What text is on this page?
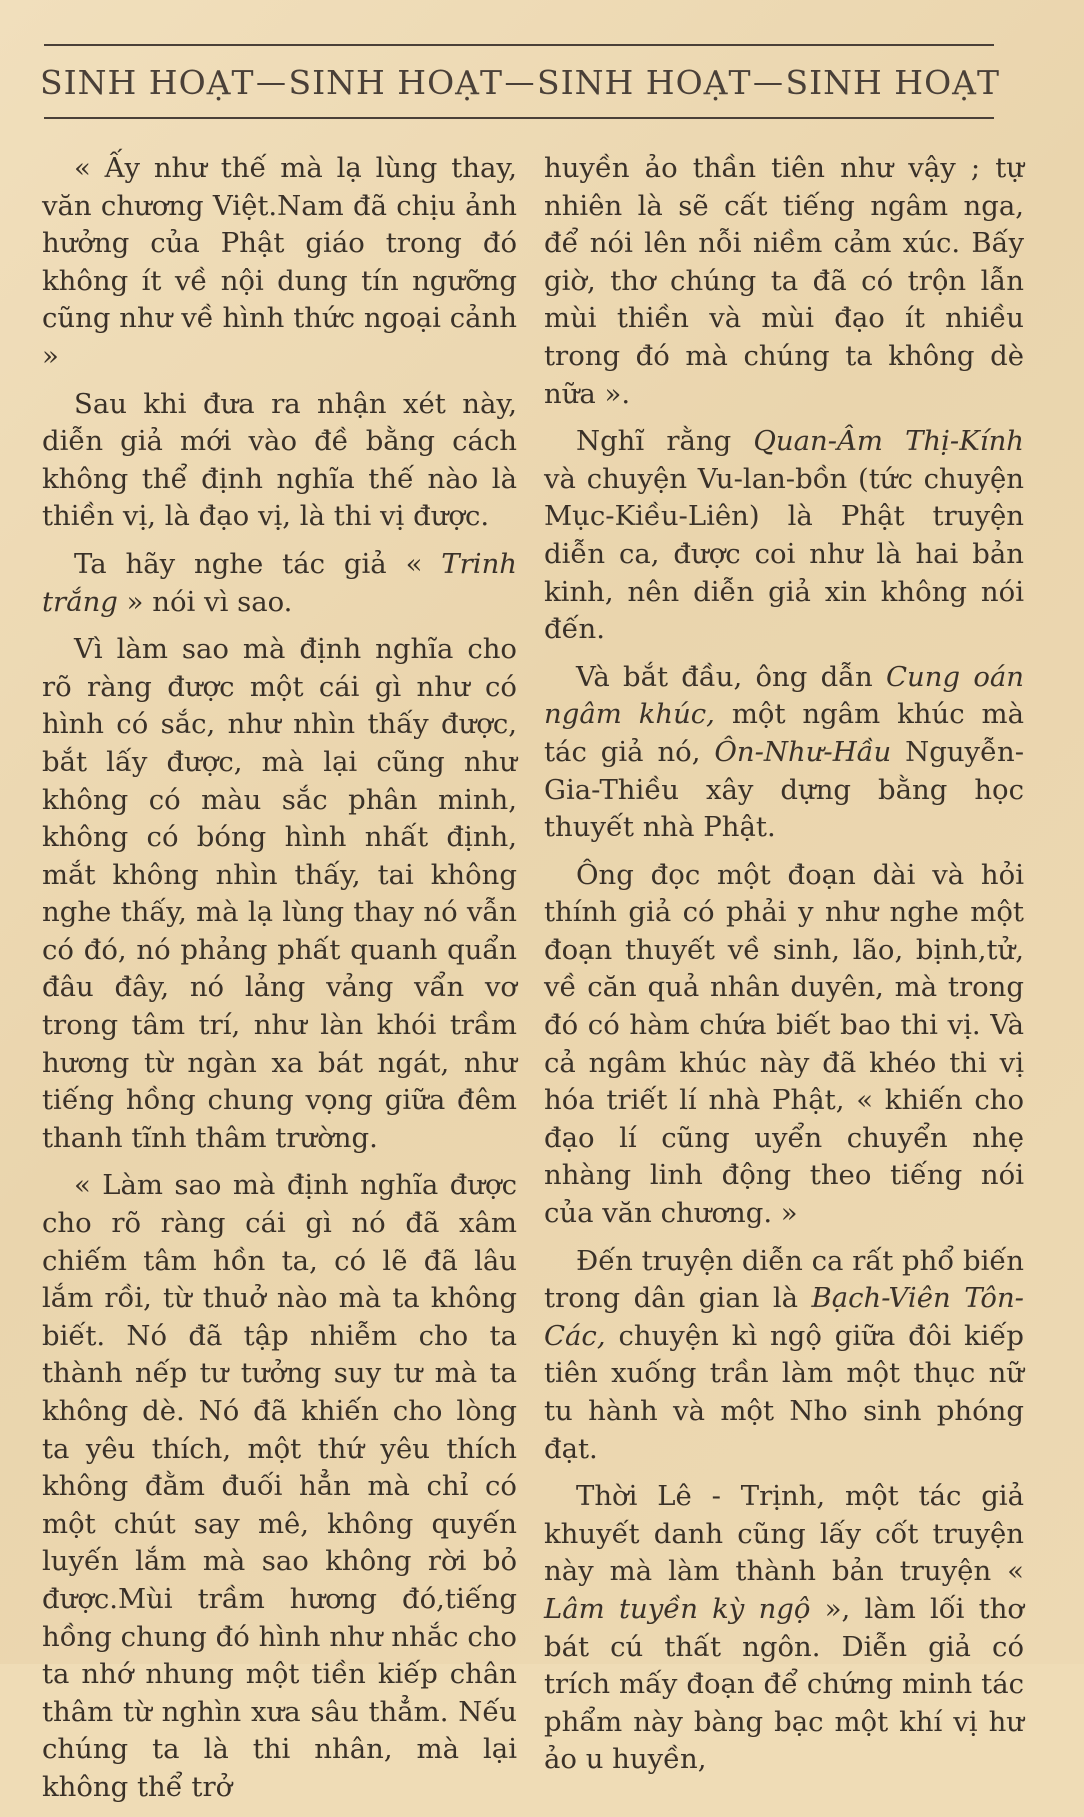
SINH HOẠT — SINH HOẠT — SINH HOẠT — SINH HOẠT

« Ấy như thế mà lạ lùng thay, văn chương Việt.Nam đã chịu ảnh hưởng của Phật giáo trong đó không ít về nội dung tín ngưỡng cũng như về hình thức ngoại cảnh »

Sau khi đưa ra nhận xét này, diễn giả mới vào đề bằng cách không thể định nghĩa thế nào là thiền vị, là đạo vị, là thi vị được.

Ta hãy nghe tác giả « Trinh trắng » nói vì sao.

Vì làm sao mà định nghĩa cho rõ ràng được một cái gì như có hình có sắc, như nhìn thấy được, bắt lấy được, mà lại cũng như không có màu sắc phân minh, không có bóng hình nhất định, mắt không nhìn thấy, tai không nghe thấy, mà lạ lùng thay nó vẫn có đó, nó phảng phất quanh quẩn đâu đây, nó lảng vảng vẩn vơ trong tâm trí, như làn khói trầm hương từ ngàn xa bát ngát, như tiếng hồng chung vọng giữa đêm thanh tĩnh thâm trường.

« Làm sao mà định nghĩa được cho rõ ràng cái gì nó đã xâm chiếm tâm hồn ta, có lẽ đã lâu lắm rồi, từ thuở nào mà ta không biết. Nó đã tập nhiễm cho ta thành nếp tư tưởng suy tư mà ta không dè. Nó đã khiến cho lòng ta yêu thích, một thứ yêu thích không đằm đuối hẳn mà chỉ có một chút say mê, không quyến luyến lắm mà sao không rời bỏ được.Mùi trầm hương đó,tiếng hồng chung đó hình như nhắc cho ta nhớ nhung một tiền kiếp chân thâm từ nghìn xưa sâu thẳm. Nếu chúng ta là thi nhân, mà lại không thể trở

huyền ảo thần tiên như vậy ; tự nhiên là sẽ cất tiếng ngâm nga, để nói lên nỗi niềm cảm xúc. Bấy giờ, thơ chúng ta đã có trộn lẫn mùi thiền và mùi đạo ít nhiều trong đó mà chúng ta không dè nữa ».

Nghĩ rằng Quan-Âm Thị-Kính và chuyện Vu-lan-bồn (tức chuyện Mục-Kiều-Liên) là Phật truyện diễn ca, được coi như là hai bản kinh, nên diễn giả xin không nói đến.

Và bắt đầu, ông dẫn Cung oán ngâm khúc, một ngâm khúc mà tác giả nó, Ôn-Như-Hầu Nguyễn-Gia-Thiều xây dựng bằng học thuyết nhà Phật.

Ông đọc một đoạn dài và hỏi thính giả có phải y như nghe một đoạn thuyết về sinh, lão, bịnh,tử, về căn quả nhân duyên, mà trong đó có hàm chứa biết bao thi vị. Và cả ngâm khúc này đã khéo thi vị hóa triết lí nhà Phật, « khiến cho đạo lí cũng uyển chuyển nhẹ nhàng linh động theo tiếng nói của văn chương. »

Đến truyện diễn ca rất phổ biến trong dân gian là Bạch-Viên Tôn-Các, chuyện kì ngộ giữa đôi kiếp tiên xuống trần làm một thục nữ tu hành và một Nho sinh phóng đạt.

Thời Lê - Trịnh, một tác giả khuyết danh cũng lấy cốt truyện này mà làm thành bản truyện « Lâm tuyền kỳ ngộ », làm lối thơ bát cú thất ngôn. Diễn giả có trích mấy đoạn để chứng minh tác phẩm này bàng bạc một khí vị hư ảo u huyền,
